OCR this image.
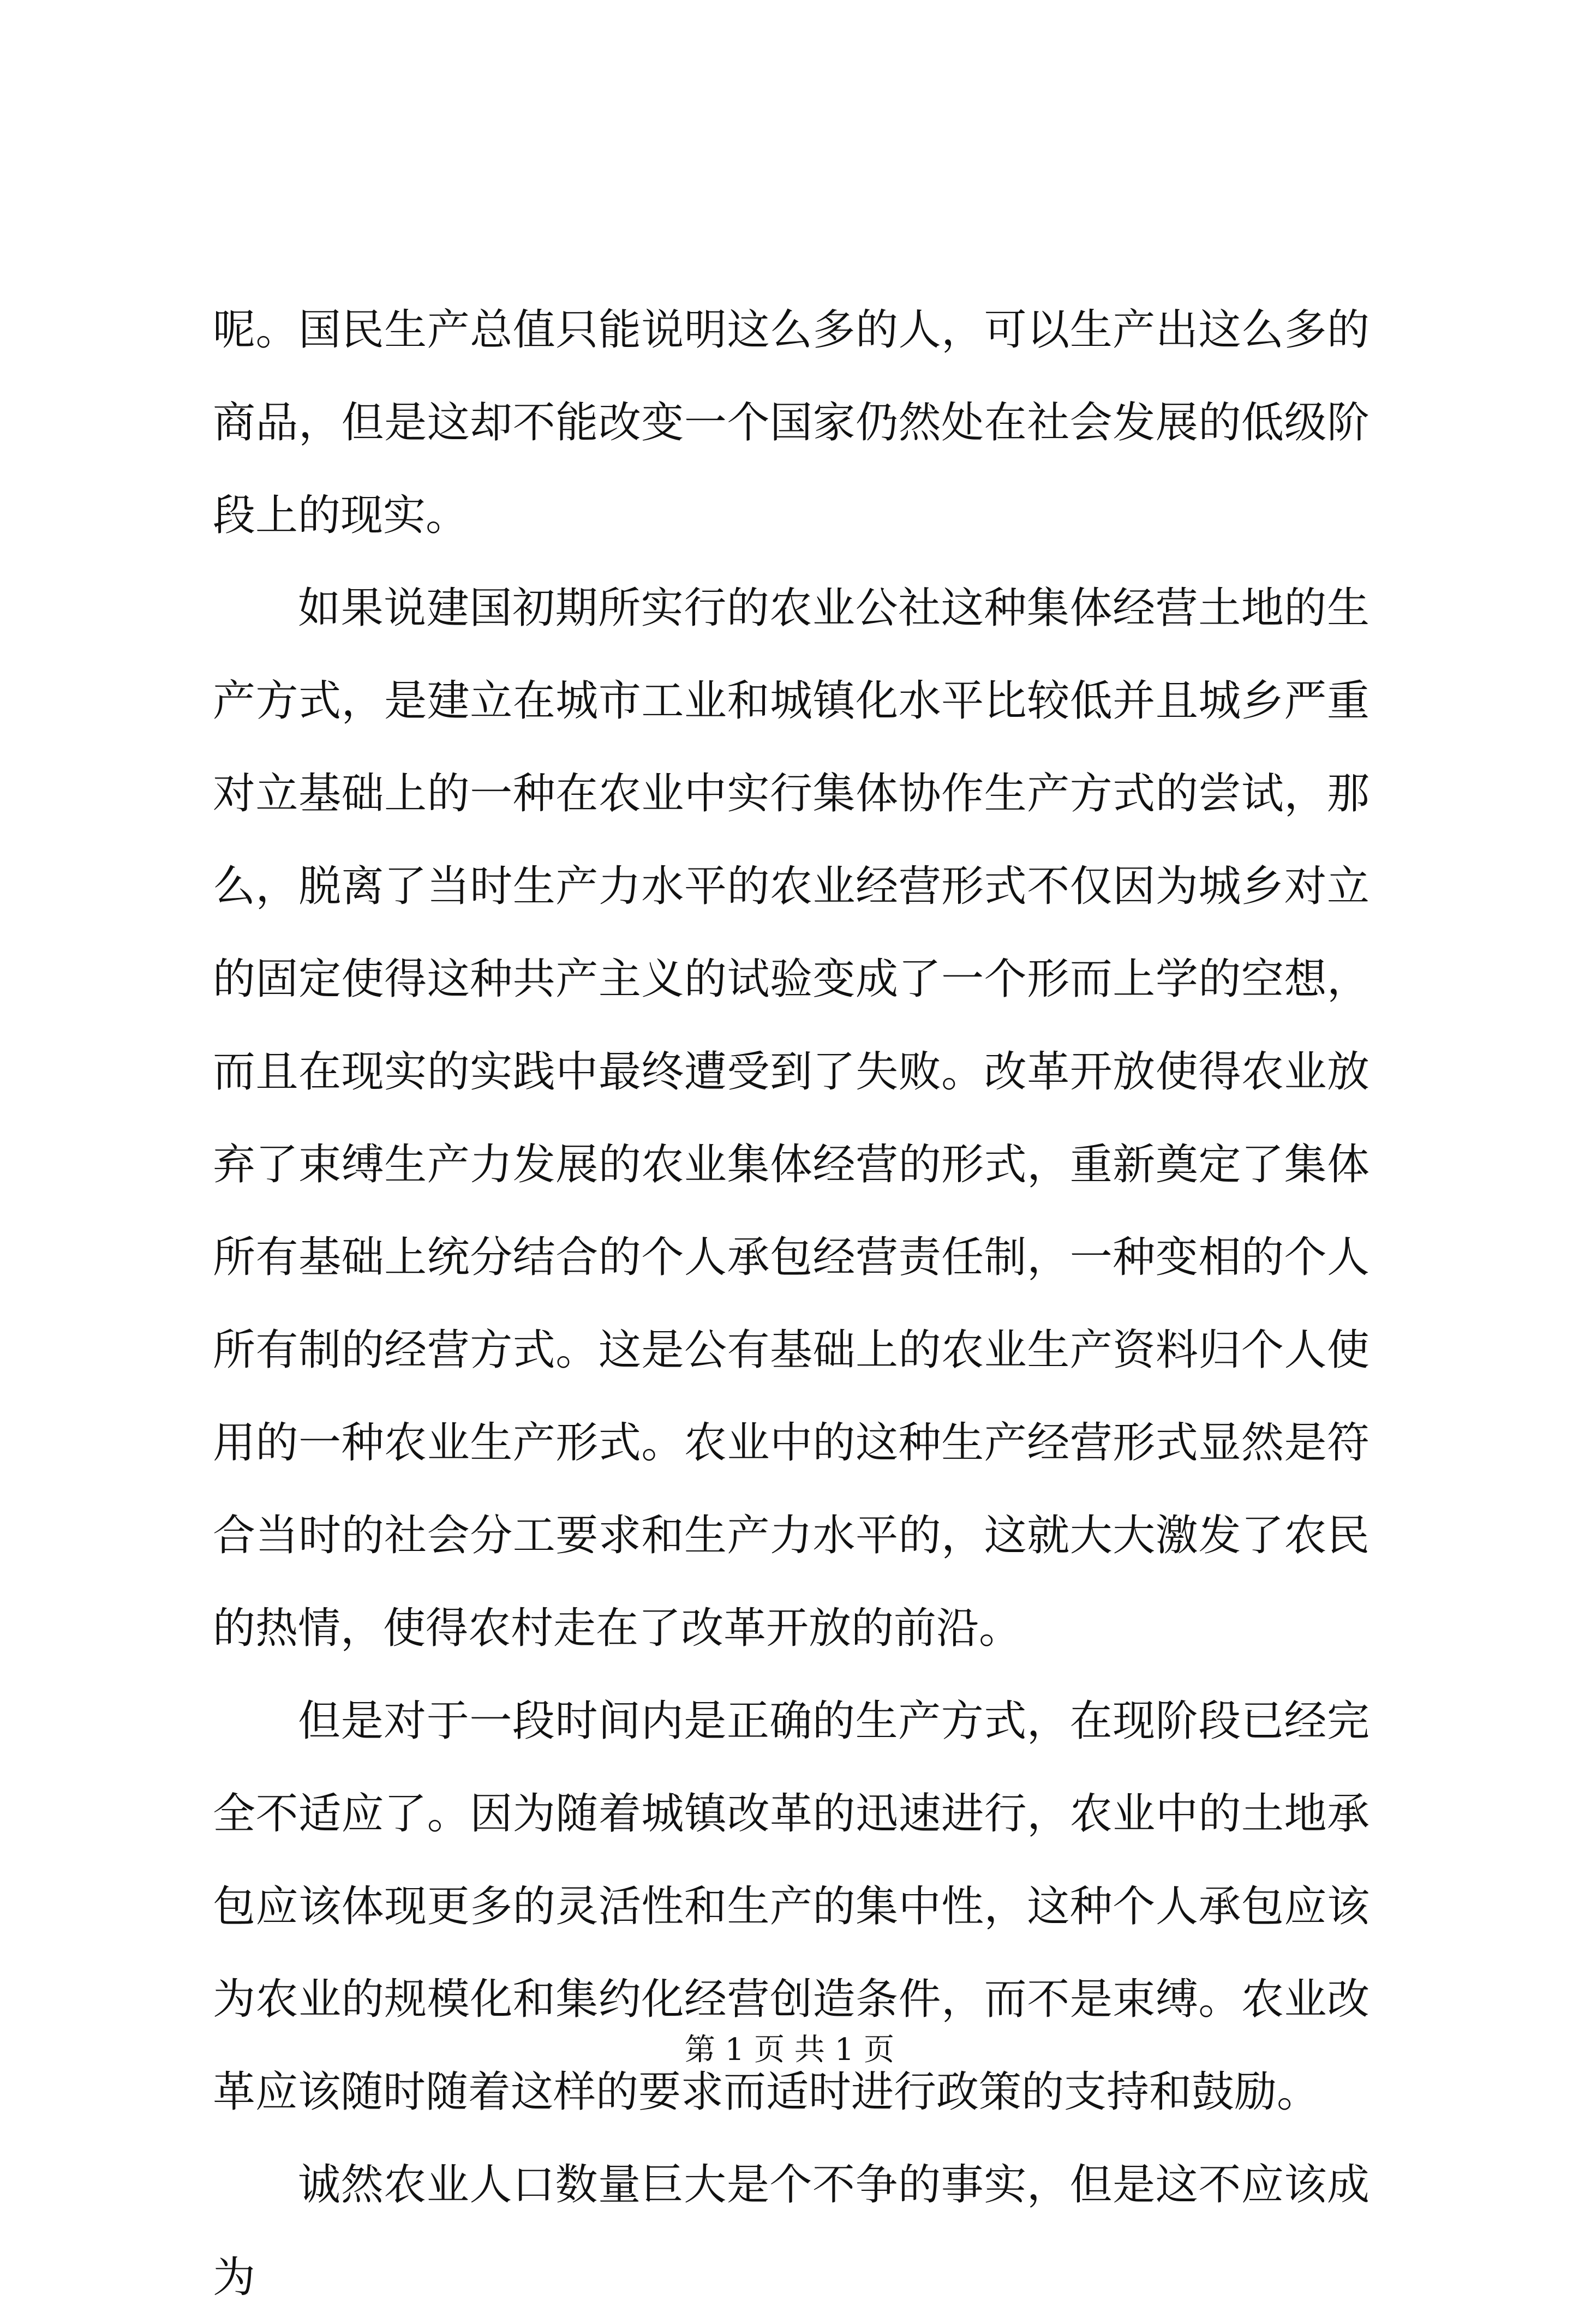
呢。国民生产总值只能说明这么多的人，可以生产出这么多的商品，但是这却不能改变一个国家仍然处在社会发展的低级阶段上的现实。

如果说建国初期所实行的农业公社这种集体经营土地的生产方式，是建立在城市工业和城镇化水平比较低并且城乡严重对立基础上的一种在农业中实行集体协作生产方式的尝试，那么，脱离了当时生产力水平的农业经营形式不仅因为城乡对立的固定使得这种共产主义的试验变成了一个形而上学的空想，而且在现实的实践中最终遭受到了失败。改革开放使得农业放弃了束缚生产力发展的农业集体经营的形式，重新奠定了集体所有基础上统分结合的个人承包经营责任制，一种变相的个人所有制的经营方式。这是公有基础上的农业生产资料归个人使用的一种农业生产形式。农业中的这种生产经营形式显然是符合当时的社会分工要求和生产力水平的，这就大大激发了农民的热情，使得农村走在了改革开放的前沿。

但是对于一段时间内是正确的生产方式，在现阶段已经完全不适应了。因为随着城镇改革的迅速进行，农业中的土地承包应该体现更多的灵活性和生产的集中性，这种个人承包应该为农业的规模化和集约化经营创造条件，而不是束缚。农业改革应该随时随着这样的要求而适时进行政策的支持和鼓励。

诚然农业人口数量巨大是个不争的事实，但是这不应该成为

第 1 页 共 1 页
